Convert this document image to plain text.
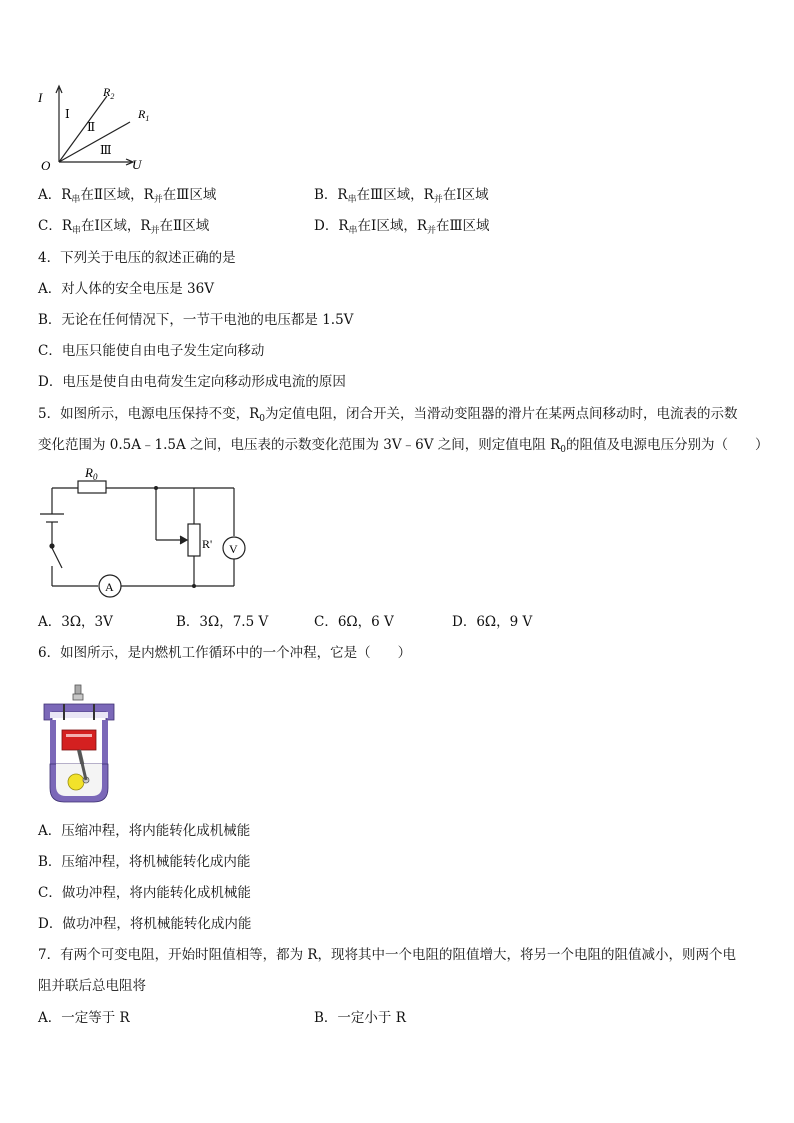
I
U
O
$R_2$
$R_1$
Ⅰ
Ⅱ
Ⅲ
A．$R_串$在Ⅱ区域，$R_并$在Ⅲ区域	B．$R_串$在Ⅲ区域，$R_并$在Ⅰ区域
C．$R_串$在Ⅰ区域，$R_并$在Ⅱ区域	D．$R_串$在Ⅰ区域，$R_并$在Ⅲ区域
4．下列关于电压的叙述正确的是
A．对人体的安全电压是 36V
B．无论在任何情况下，一节干电池的电压都是 1.5V
C．电压只能使自由电子发生定向移动
D．电压是使自由电荷发生定向移动形成电流的原因
5．如图所示，电源电压保持不变，$R_0$为定值电阻，闭合开关，当滑动变阻器的滑片在某两点间移动时，电流表的示数
变化范围为 0.5A﹣1.5A 之间，电压表的示数变化范围为 3V﹣6V 之间，则定值电阻 $R_0$的阻值及电源电压分别为（　　）
$R_0$
R' V
A
A．3Ω，3V	B．3Ω，7.5 V	C．6Ω，6 V	D．6Ω，9 V
6．如图所示，是内燃机工作循环中的一个冲程，它是（　　）
A．压缩冲程，将内能转化成机械能
B．压缩冲程，将机械能转化成内能
C．做功冲程，将内能转化成机械能
D．做功冲程，将机械能转化成内能
7．有两个可变电阻，开始时阻值相等，都为 R，现将其中一个电阻的阻值增大，将另一个电阻的阻值减小，则两个电
阻并联后总电阻将
A．一定等于 R	B．一定小于 R
